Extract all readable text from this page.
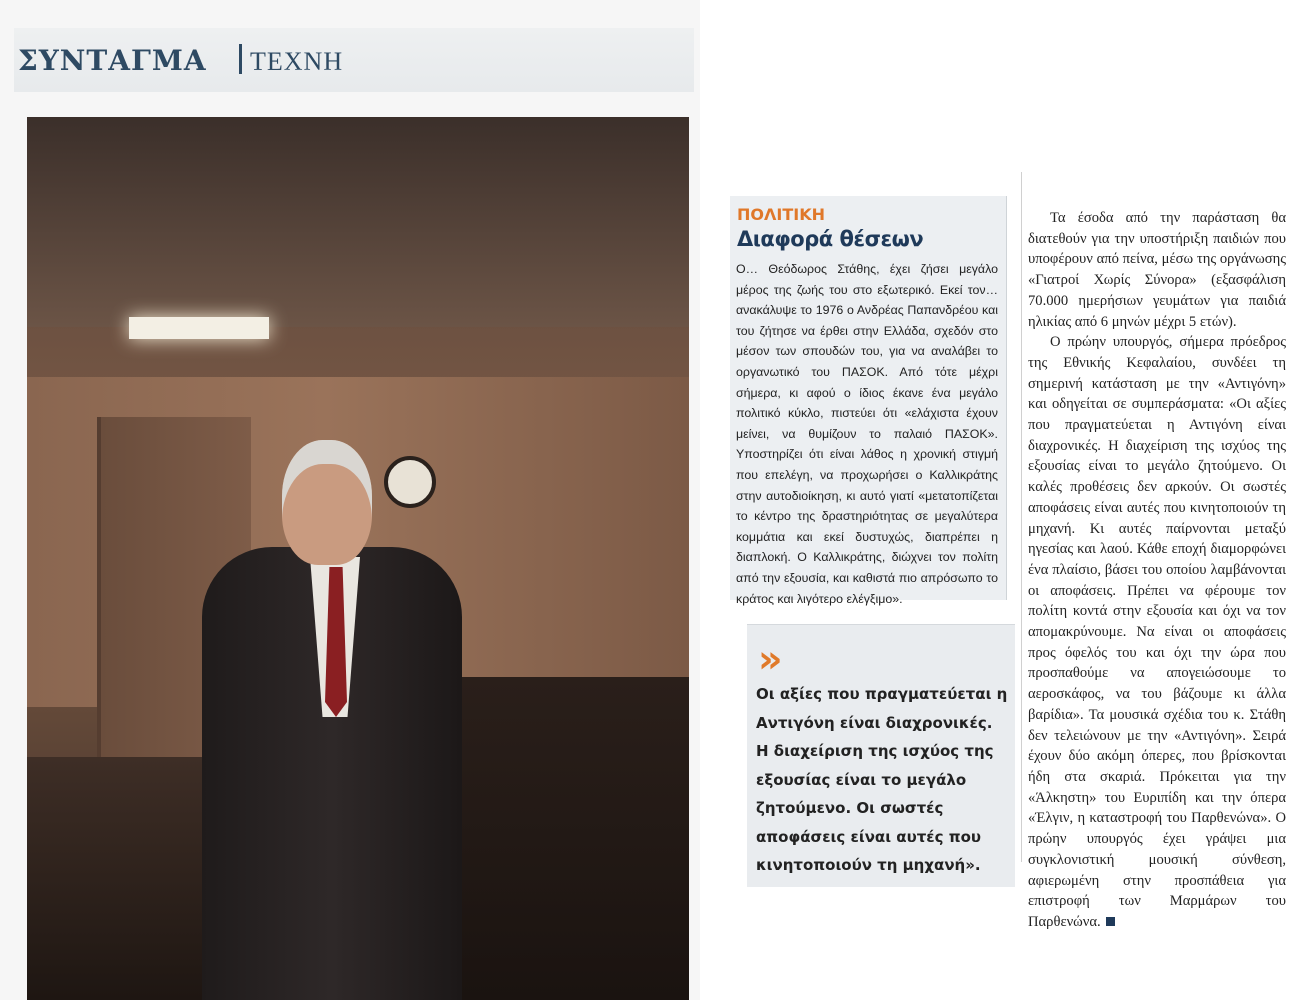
ΣΥΝΤΑΓΜΑ ΤΕΧΝΗ
ΠΟΛΙΤΙΚΗ
Διαφορά θέσεων
Ο… Θεόδωρος Στάθης, έχει ζήσει μεγάλο μέρος της ζωής του στο εξωτερικό. Εκεί τον… ανακάλυψε το 1976 ο Ανδρέας Παπανδρέου και του ζήτησε να έρθει στην Ελλάδα, σχεδόν στο μέσον των σπουδών του, για να αναλάβει το οργανωτικό του ΠΑΣΟΚ. Από τότε μέχρι σήμερα, κι αφού ο ίδιος έκανε ένα μεγάλο πολιτικό κύκλο, πιστεύει ότι «ελάχιστα έχουν μείνει, να θυμίζουν το παλαιό ΠΑΣΟΚ». Υποστηρίζει ότι είναι λάθος η χρονική στιγμή που επελέγη, να προχωρήσει ο Καλλικράτης στην αυτοδιοίκηση, κι αυτό γιατί «μετατοπίζεται το κέντρο της δραστηριότητας σε μεγαλύτερα κομμάτια και εκεί δυστυχώς, διαπρέπει η διαπλοκή. Ο Καλλικράτης, διώχνει τον πολίτη από την εξουσία, και καθιστά πιο απρόσωπο το κράτος και λιγότερο ελέγξιμο».
»
Οι αξίες που πραγματεύεται η Αντιγόνη είναι διαχρονικές. Η διαχείριση της ισχύος της εξουσίας είναι το μεγάλο ζητούμενο. Οι σωστές αποφάσεις είναι αυτές που κινητοποιούν τη μηχανή».

Τα έσοδα από την παράσταση θα διατεθούν για την υποστήριξη παιδιών που υποφέρουν από πείνα, μέσω της οργάνωσης «Γιατροί Χωρίς Σύνορα» (εξασφάλιση 70.000 ημερήσιων γευμάτων για παιδιά ηλικίας από 6 μηνών μέχρι 5 ετών).

Ο πρώην υπουργός, σήμερα πρόεδρος της Εθνικής Κεφαλαίου, συνδέει τη σημερινή κατάσταση με την «Αντιγόνη» και οδηγείται σε συμπεράσματα: «Οι αξίες που πραγματεύεται η Αντιγόνη είναι διαχρονικές. Η διαχείριση της ισχύος της εξουσίας είναι το μεγάλο ζητούμενο. Οι καλές προθέσεις δεν αρκούν. Οι σωστές αποφάσεις είναι αυτές που κινητοποιούν τη μηχανή. Κι αυτές παίρνονται μεταξύ ηγεσίας και λαού. Κάθε εποχή διαμορφώνει ένα πλαίσιο, βάσει του οποίου λαμβάνονται οι αποφάσεις. Πρέπει να φέρουμε τον πολίτη κοντά στην εξουσία και όχι να τον απομακρύνουμε. Να είναι οι αποφάσεις προς όφελός του και όχι την ώρα που προσπαθούμε να απογειώσουμε το αεροσκάφος, να του βάζουμε κι άλλα βαρίδια». Τα μουσικά σχέδια του κ. Στάθη δεν τελειώνουν με την «Αντιγόνη». Σειρά έχουν δύο ακόμη όπερες, που βρίσκονται ήδη στα σκαριά. Πρόκειται για την «Άλκηστη» του Ευριπίδη και την όπερα «Έλγιν, η καταστροφή του Παρθενώνα». Ο πρώην υπουργός έχει γράψει μια συγκλονιστική μουσική σύνθεση, αφιερωμένη στην προσπάθεια για επιστροφή των Μαρμάρων του Παρθενώνα.
